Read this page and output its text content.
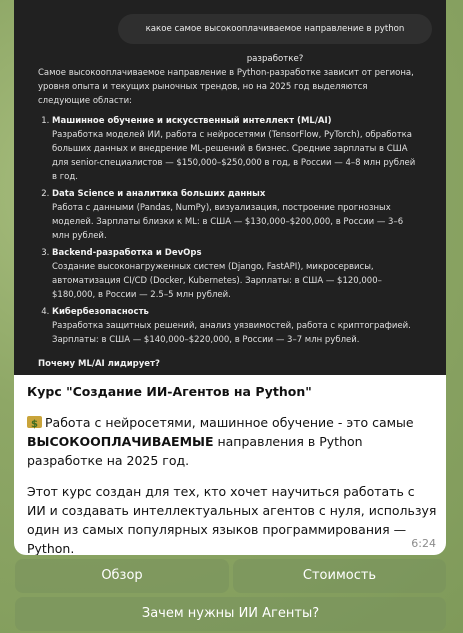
какое самое высокооплачиваемое направление в python разработке?

Самое высокооплачиваемое направление в Python-разработке зависит от региона, уровня опыта и текущих рыночных трендов, но на 2025 год выделяются следующие области:

1. Машинное обучение и искусственный интеллект (ML/AI)
Разработка моделей ИИ, работа с нейросетями (TensorFlow, PyTorch), обработка больших данных и внедрение ML-решений в бизнес. Средние зарплаты в США для senior-специалистов — $150,000–$250,000 в год, в России — 4–8 млн рублей в год.
2. Data Science и аналитика больших данных
Работа с данными (Pandas, NumPy), визуализация, построение прогнозных моделей. Зарплаты близки к ML: в США — $130,000–$200,000, в России — 3–6 млн рублей.
3. Backend-разработка и DevOps
Создание высоконагруженных систем (Django, FastAPI), микросервисы, автоматизация CI/CD (Docker, Kubernetes). Зарплаты: в США — $120,000–$180,000, в России — 2.5–5 млн рублей.
4. Кибербезопасность
Разработка защитных решений, анализ уязвимостей, работа с криптографией. Зарплаты: в США — $140,000–$220,000, в России — 3–7 млн рублей.

Почему ML/AI лидирует?

Курс "Создание ИИ-Агентов на Python"
$Работа с нейросетями, машинное обучение - это самые ВЫСОКООПЛАЧИВАЕМЫЕ направления в Python разработке на 2025 год.
Этот курс создан для тех, кто хочет научиться работать с ИИ и создавать интеллектуальных агентов с нуля, используя один из самых популярных языков программирования — Python.	6:24
Обзор	Стоимость
Зачем нужны ИИ Агенты?
